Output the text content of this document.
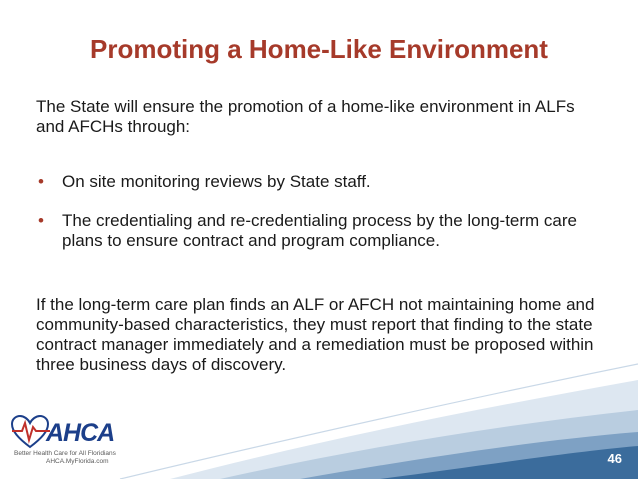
Promoting a Home-Like Environment
The State will ensure the promotion of a home-like environment in ALFs and AFCHs through:
• On site monitoring reviews by State staff.
• The credentialing and re-credentialing process by the long-term care plans to ensure contract and program compliance.
If the long-term care plan finds an ALF or AFCH not maintaining home and community-based characteristics, they must report that finding to the state contract manager immediately and a remediation must be proposed within three business days of discovery.
AHCA
Better Health Care for All Floridians
AHCA.MyFlorida.com	46
